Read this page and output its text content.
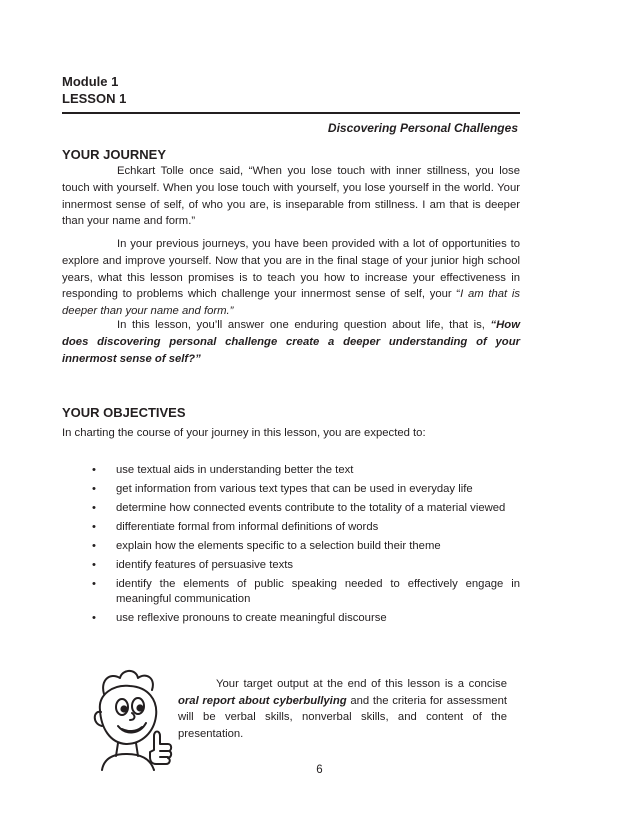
Module 1
LESSON 1
Discovering Personal Challenges
YOUR JOURNEY

Echkart Tolle once said, “When you lose touch with inner stillness, you lose touch with yourself. When you lose touch with yourself, you lose yourself in the world. Your innermost sense of self, of who you are, is inseparable from stillness. I am that is deeper than your name and form.”

In your previous journeys, you have been provided with a lot of opportunities to explore and improve yourself. Now that you are in the final stage of your junior high school years, what this lesson promises is to teach you how to increase your effectiveness in responding to problems which challenge your innermost sense of self, your “I am that is deeper than your name and form.”

In this lesson, you’ll answer one enduring question about life, that is, “How does discovering personal challenge create a deeper understanding of your innermost sense of self?”

YOUR OBJECTIVES
In charting the course of your journey in this lesson, you are expected to:
• use textual aids in understanding better the text
• get information from various text types that can be used in everyday life
• determine how connected events contribute to the totality of a material viewed
• differentiate formal from informal definitions of words
• explain how the elements specific to a selection build their theme
• identify features of persuasive texts
• identify the elements of public speaking needed to effectively engage in meaningful communication
• use reflexive pronouns to create meaningful discourse

Your target output at the end of this lesson is a concise oral report about cyberbullying and the criteria for assessment will be verbal skills, nonverbal skills, and content of the presentation.

6
